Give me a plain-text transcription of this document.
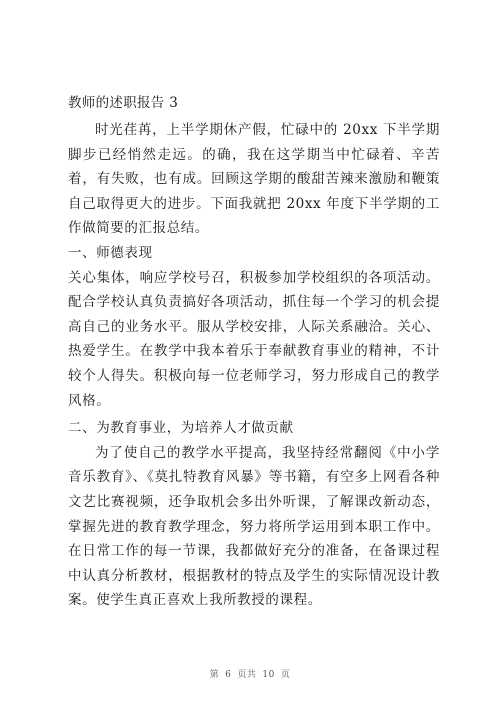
教师的述职报告 3

时光荏苒，上半学期休产假，忙碌中的 20xx 下半学期脚步已经悄然走远。的确，我在这学期当中忙碌着、辛苦着，有失败，也有成。回顾这学期的酸甜苦辣来激励和鞭策自己取得更大的进步。下面我就把 20xx 年度下半学期的工作做简要的汇报总结。

一、师德表现

关心集体，响应学校号召，积极参加学校组织的各项活动。配合学校认真负责搞好各项活动，抓住每一个学习的机会提高自己的业务水平。服从学校安排，人际关系融洽。关心、热爱学生。在教学中我本着乐于奉献教育事业的精神，不计较个人得失。积极向每一位老师学习，努力形成自己的教学风格。

二、为教育事业，为培养人才做贡献

为了使自己的教学水平提高，我坚持经常翻阅《中小学音乐教育》、《莫扎特教育风暴》等书籍，有空多上网看各种文艺比赛视频，还争取机会多出外听课，了解课改新动态，掌握先进的教育教学理念，努力将所学运用到本职工作中。在日常工作的每一节课，我都做好充分的准备，在备课过程中认真分析教材，根据教材的特点及学生的实际情况设计教案。使学生真正喜欢上我所教授的课程。

第 6 页共 10 页
